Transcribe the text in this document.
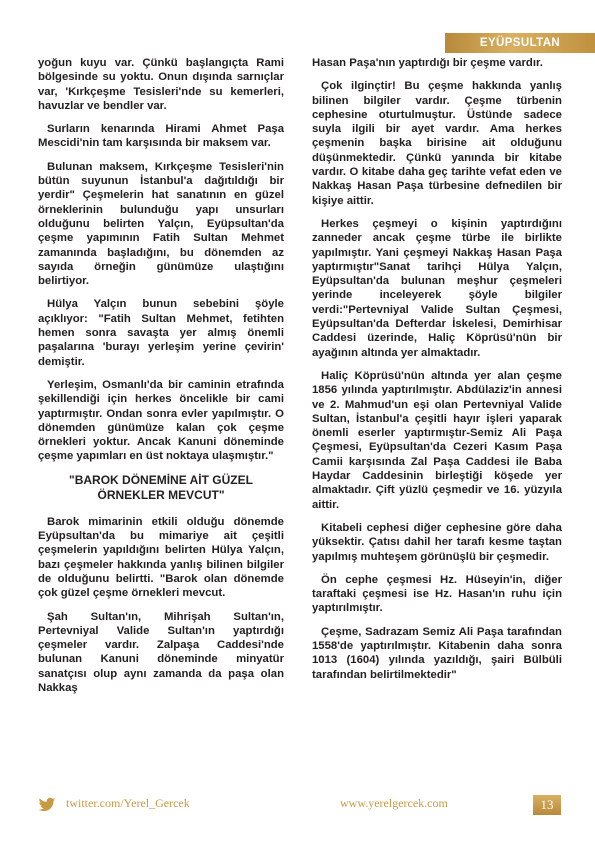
EYÜPSULTAN

yoğun kuyu var. Çünkü başlangıçta Rami bölgesinde su yoktu. Onun dışında sarnıçlar var, 'Kırkçeşme Tesisleri'nde su kemerleri, havuzlar ve bendler var.

Surların kenarında Hirami Ahmet Paşa Mescidi'nin tam karşısında bir maksem var.

Bulunan maksem, Kırkçeşme Tesisleri'nin bütün suyunun İstanbul'a dağıtıldığı bir yerdir" Çeşmelerin hat sanatının en güzel örneklerinin bulunduğu yapı unsurları olduğunu belirten Yalçın, Eyüpsultan'da çeşme yapımının Fatih Sultan Mehmet zamanında başladığını, bu dönemden az sayıda örneğin günümüze ulaştığını belirtiyor.

Hülya Yalçın bunun sebebini şöyle açıklıyor: "Fatih Sultan Mehmet, fetihten hemen sonra savaşta yer almış önemli paşalarına 'burayı yerleşim yerine çevirin' demiştir.

Yerleşim, Osmanlı'da bir caminin etrafında şekillendiği için herkes öncelikle bir cami yaptırmıştır. Ondan sonra evler yapılmıştır. O dönemden günümüze kalan çok çeşme örnekleri yoktur. Ancak Kanuni döneminde çeşme yapımları en üst noktaya ulaşmıştır."

"BAROK DÖNEMİNE AİT GÜZEL ÖRNEKLER MEVCUT"

Barok mimarinin etkili olduğu dönemde Eyüpsultan'da bu mimariye ait çeşitli çeşmelerin yapıldığını belirten Hülya Yalçın, bazı çeşmeler hakkında yanlış bilinen bilgiler de olduğunu belirtti. "Barok olan dönemde çok güzel çeşme örnekleri mevcut.

Şah Sultan'ın, Mihrişah Sultan'ın, Pertevniyal Valide Sultan'ın yaptırdığı çeşmeler vardır. Zalpaşa Caddesi'nde bulunan Kanuni döneminde minyatür sanatçısı olup aynı zamanda da paşa olan Nakkaş

Hasan Paşa'nın yaptırdığı bir çeşme vardır.

Çok ilginçtir! Bu çeşme hakkında yanlış bilinen bilgiler vardır. Çeşme türbenin cephesine oturtulmuştur. Üstünde sadece suyla ilgili bir ayet vardır. Ama herkes çeşmenin başka birisine ait olduğunu düşünmektedir. Çünkü yanında bir kitabe vardır. O kitabe daha geç tarihte vefat eden ve Nakkaş Hasan Paşa türbesine defnedilen bir kişiye aittir.

Herkes çeşmeyi o kişinin yaptırdığını zanneder ancak çeşme türbe ile birlikte yapılmıştır. Yani çeşmeyi Nakkaş Hasan Paşa yaptırmıştır"Sanat tarihçi Hülya Yalçın, Eyüpsultan'da bulunan meşhur çeşmeleri yerinde inceleyerek şöyle bilgiler verdi:"Pertevniyal Valide Sultan Çeşmesi, Eyüpsultan'da Defterdar İskelesi, Demirhisar Caddesi üzerinde, Haliç Köprüsü'nün bir ayağının altında yer almaktadır.

Haliç Köprüsü'nün altında yer alan çeşme 1856 yılında yaptırılmıştır. Abdülaziz'in annesi ve 2. Mahmud'un eşi olan Pertevniyal Valide Sultan, İstanbul'a çeşitli hayır işleri yaparak önemli eserler yaptırmıştır-Semiz Ali Paşa Çeşmesi, Eyüpsultan'da Cezeri Kasım Paşa Camii karşısında Zal Paşa Caddesi ile Baba Haydar Caddesinin birleştiği köşede yer almaktadır. Çift yüzlü çeşmedir ve 16. yüzyıla aittir.

Kitabeli cephesi diğer cephesine göre daha yüksektir. Çatısı dahil her tarafı kesme taştan yapılmış muhteşem görünüşlü bir çeşmedir.

Ön cephe çeşmesi Hz. Hüseyin'in, diğer taraftaki çeşmesi ise Hz. Hasan'ın ruhu için yaptırılmıştır.

Çeşme, Sadrazam Semiz Ali Paşa tarafından 1558'de yaptırılmıştır. Kitabenin daha sonra 1013 (1604) yılında yazıldığı, şairi Bülbüli tarafından belirtilmektedir"

twitter.com/Yerel_Gercek	www.yerelgercek.com	13
